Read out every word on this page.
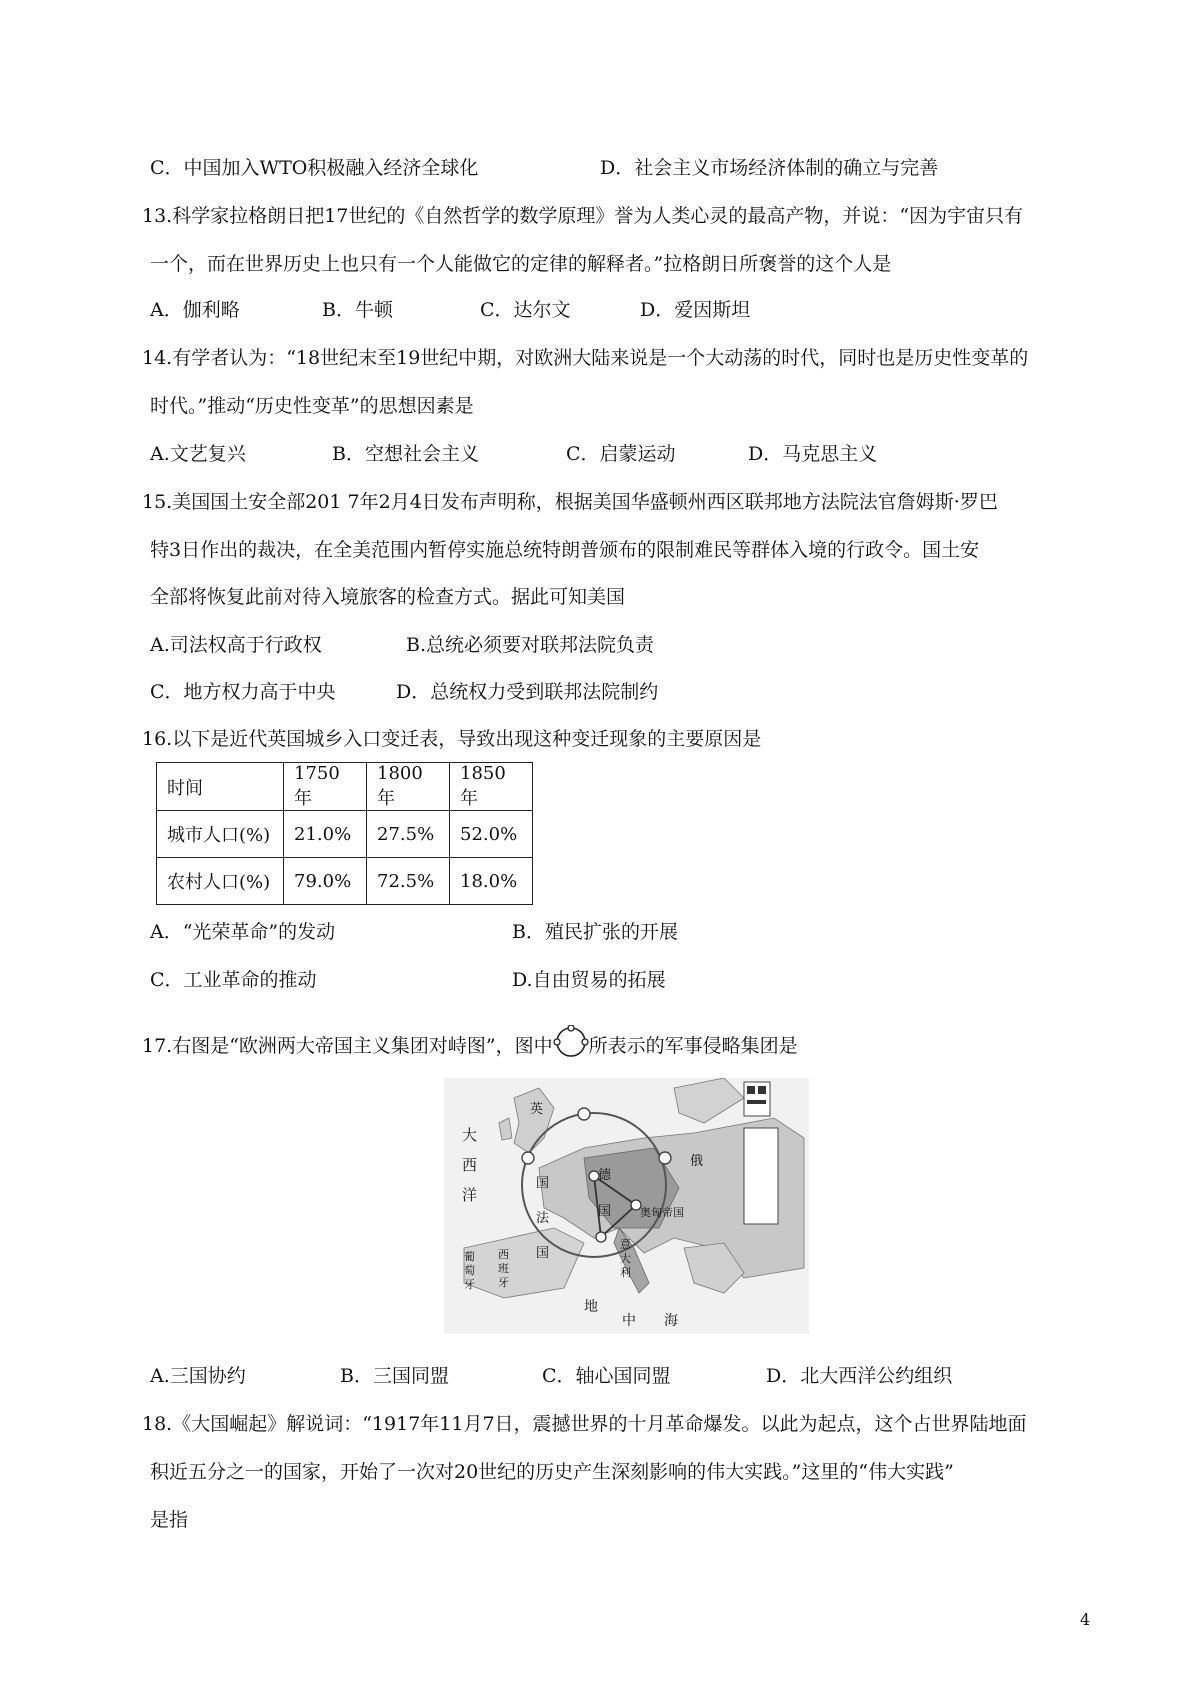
C．中国加入WTO积极融入经济全球化	D．社会主义市场经济体制的确立与完善
13.科学家拉格朗日把17世纪的《自然哲学的数学原理》誉为人类心灵的最高产物，并说：“因为宇宙只有
一个，而在世界历史上也只有一个人能做它的定律的解释者。”拉格朗日所褒誉的这个人是
A．伽利略	B．牛顿	C．达尔文	D．爱因斯坦
14.有学者认为：“18世纪末至19世纪中期，对欧洲大陆来说是一个大动荡的时代，同时也是历史性变革的
时代。”推动“历史性变革”的思想因素是
A.文艺复兴	B．空想社会主义	C．启蒙运动	D．马克思主义
15.美国国土安全部201 7年2月4日发布声明称，根据美国华盛顿州西区联邦地方法院法官詹姆斯·罗巴
特3日作出的裁决，在全美范围内暂停实施总统特朗普颁布的限制难民等群体入境的行政令。国土安
全部将恢复此前对待入境旅客的检查方式。据此可知美国
A.司法权高于行政权	B.总统必须要对联邦法院负责
C．地方权力高于中央	D．总统权力受到联邦法院制约
16.以下是近代英国城乡入口变迁表，导致出现这种变迁现象的主要原因是
时间	1750年	1800年	1850年
城市人口(%)	21.0%	27.5%	52.0%
农村人口(%)	79.0%	72.5%	18.0%
A．“光荣革命”的发动	B．殖民扩张的开展
C．工业革命的推动	D.自由贸易的拓展
17.右图是“欧洲两大帝国主义集团对峙图”，图中 所表示的军事侵略集团是
大
西
洋
英
国
法
国
德
国
俄
奥匈帝国
意
大
利
西
班
牙
葡
萄
牙
地
中 海
A.三国协约	B．三国同盟	C．轴心国同盟	D．北大西洋公约组织
18.《大国崛起》解说词：“1917年11月7日，震撼世界的十月革命爆发。以此为起点，这个占世界陆地面
积近五分之一的国家，开始了一次对20世纪的历史产生深刻影响的伟大实践。”这里的“伟大实践”
是指
4
